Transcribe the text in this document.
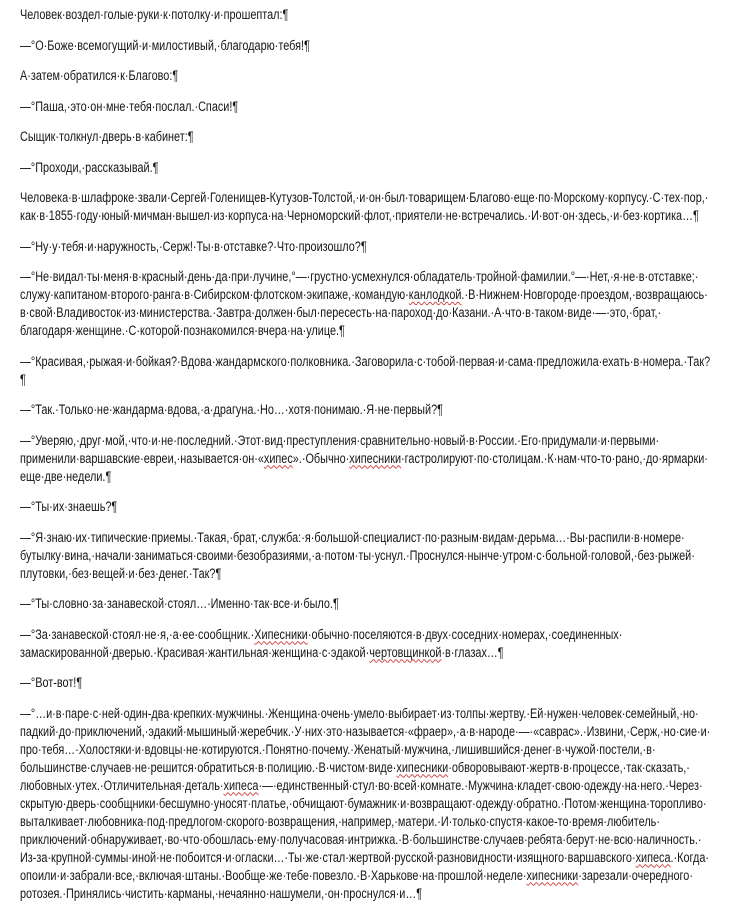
Человек·​воздел·​голые·​руки·​к·​потолку·​и·​прошептал:¶

—°О·​Боже·​всемогущий·​и·​милостивый,·​благодарю·​тебя!¶

А·​затем·​обратился·​к·​Благово:¶

—°Паша,·​это·​он·​мне·​тебя·​послал.·​Спаси!¶

Сыщик·​толкнул·​дверь·​в·​кабинет:¶

—°Проходи,·​рассказывай.¶

Человека·​в·​шлафроке·​звали·​Сергей·​Голенищев-Кутузов-Толстой,·​и·​он·​был·​товарищем·​Благово·​еще·​по·​Морскому·​корпусу.·​С·​тех·​пор,·​как·​в·​1855·​году·​юный·​мичман·​вышел·​из·​корпуса·​на·​Черноморский·​флот,·​приятели·​не·​встречались.·​И·​вот·​он·​здесь,·​и·​без·​кортика…¶

—°Ну·​у·​тебя·​и·​наружность,·​Серж!·​Ты·​в·​отставке?·​Что·​произошло?¶

—°Не·​видал·​ты·​меня·​в·​красный·​день·​да·​при·​лучине,°—·​грустно·​усмехнулся·​обладатель·​тройной·​фамилии.°—·​Нет,·​я·​не·​в·​отставке;·​служу·​капитаном·​второго·​ранга·​в·​Сибирском·​флотском·​экипаже,·​командую·​канлодкой.·​В·​Нижнем·​Новгороде·​проездом,·​возвращаюсь·​в·​свой·​Владивосток·​из·​министерства.·​Завтра·​должен·​был·​пересесть·​на·​пароход·​до·​Казани.·​А·​что·​в·​таком·​виде·​—·​это,·​брат,·​благодаря·​женщине.·​С·​которой·​познакомился·​вчера·​на·​улице.¶

—°Красивая,·​рыжая·​и·​бойкая?·​Вдова·​жандармского·​полковника.·​Заговорила·​с·​тобой·​первая·​и·​сама·​предложила·​ехать·​в·​номера.·​Так?¶

—°Так.·​Только·​не·​жандарма·​вдова,·​а·​драгуна.·​Но…·​хотя·​понимаю.·​Я·​не·​первый?¶

—°Уверяю,·​друг·​мой,·​что·​и·​не·​последний.·​Этот·​вид·​преступления·​сравнительно·​новый·​в·​России.·​Его·​придумали·​и·​первыми·​применили·​варшавские·​евреи,·​называется·​он·​«хипес».·​Обычно·​хипесники·​гастролируют·​по·​столицам.·​К·​нам·​что-то·​рано,·​до·​ярмарки·​еще·​две·​недели.¶

—°Ты·​их·​знаешь?¶

—°Я·​знаю·​их·​типические·​приемы.·​Такая,·​брат,·​служба:·​я·​большой·​специалист·​по·​разным·​видам·​дерьма…·​Вы·​распили·​в·​номере·​бутылку·​вина,·​начали·​заниматься·​своими·​безобразиями,·​а·​потом·​ты·​уснул.·​Проснулся·​нынче·​утром·​с·​больной·​головой,·​без·​рыжей·​плутовки,·​без·​вещей·​и·​без·​денег.·​Так?¶

—°Ты·​словно·​за·​занавеской·​стоял…·​Именно·​так·​все·​и·​было.¶

—°За·​занавеской·​стоял·​не·​я,·​а·​ее·​сообщник.·​Хипесники·​обычно·​поселяются·​в·​двух·​соседних·​номерах,·​соединенных·​замаскированной·​дверью.·​Красивая·​жантильная·​женщина·​с·​эдакой·​чертовщинкой·​в·​глазах…¶

—°Вот-вот!¶

—°…и·​в·​паре·​с·​ней·​один-два·​крепких·​мужчины.·​Женщина·​очень·​умело·​выбирает·​из·​толпы·​жертву.·​Ей·​нужен·​человек·​семейный,·​но·​падкий·​до·​приключений,·​эдакий·​мышиный·​жеребчик.·​У·​них·​это·​называется·​«фраер»,·​а·​в·​народе·​—·​«саврас».·​Извини,·​Серж,·​но·​сие·​и·​про·​тебя…·​Холостяки·​и·​вдовцы·​не·​котируются.·​Понятно·​почему.·​Женатый·​мужчина,·​лишившийся·​денег·​в·​чужой·​постели,·​в·​большинстве·​случаев·​не·​решится·​обратиться·​в·​полицию.·​В·​чистом·​виде·​хипесники·​обворовывают·​жертв·​в·​процессе,·​так·​сказать,·​любовных·​утех.·​Отличительная·​деталь·​хипеса·​—·​единственный·​стул·​во·​всей·​комнате.·​Мужчина·​кладет·​свою·​одежду·​на·​него.·​Через·​скрытую·​дверь·​сообщники·​бесшумно·​уносят·​платье,·​обчищают·​бумажник·​и·​возвращают·​одежду·​обратно.·​Потом·​женщина·​торопливо·​выталкивает·​любовника·​под·​предлогом·​скорого·​возвращения,·​например,·​матери.·​И·​только·​спустя·​какое-то·​время·​любитель·​приключений·​обнаруживает,·​во·​что·​обошлась·​ему·​получасовая·​интрижка.·​В·​большинстве·​случаев·​ребята·​берут·​не·​всю·​наличность.·​Из-за·​крупной·​суммы·​иной·​не·​побоится·​и·​огласки…·​Ты·​же·​стал·​жертвой·​русской·​разновидности·​изящного·​варшавского·​хипеса.·​Когда·​опоили·​и·​забрали·​все,·​включая·​штаны.·​Вообще·​же·​тебе·​повезло.·​В·​Харькове·​на·​прошлой·​неделе·​хипесники·​зарезали·​очередного·​ротозея.·​Принялись·​чистить·​карманы,·​нечаянно·​нашумели,·​он·​проснулся·​и…¶
